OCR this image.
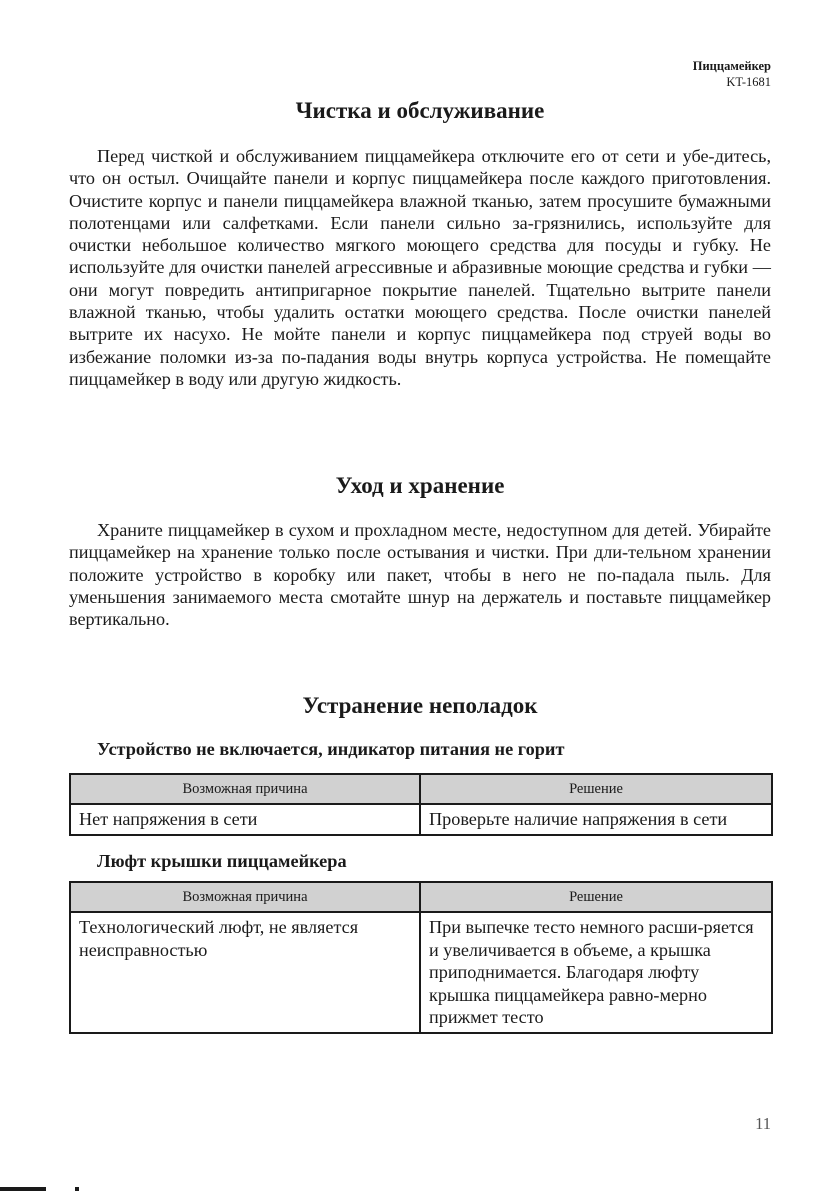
Пиццамейкер
KT-1681
Чистка и обслуживание

Перед чисткой и обслуживанием пиццамейкера отключите его от сети и убе-дитесь, что он остыл. Очищайте панели и корпус пиццамейкера после каждого приготовления. Очистите корпус и панели пиццамейкера влажной тканью, затем просушите бумажными полотенцами или салфетками. Если панели сильно за-грязнились, используйте для очистки небольшое количество мягкого моющего средства для посуды и губку. Не используйте для очистки панелей агрессивные и абразивные моющие средства и губки — они могут повредить антипригарное покрытие панелей. Тщательно вытрите панели влажной тканью, чтобы удалить остатки моющего средства. После очистки панелей вытрите их насухо. Не мойте панели и корпус пиццамейкера под струей воды во избежание поломки из-за по-падания воды внутрь корпуса устройства. Не помещайте пиццамейкер в воду или другую жидкость.

Уход и хранение

Храните пиццамейкер в сухом и прохладном месте, недоступном для детей. Убирайте пиццамейкер на хранение только после остывания и чистки. При дли-тельном хранении положите устройство в коробку или пакет, чтобы в него не по-падала пыль. Для уменьшения занимаемого места смотайте шнур на держатель и поставьте пиццамейкер вертикально.

Устранение неполадок
Устройство не включается, индикатор питания не горит
Возможная причина	Решение
Нет напряжения в сети	Проверьте наличие напряжения в сети
Люфт крышки пиццамейкера
Возможная причина	Решение
Технологический люфт, не является неисправностью	При выпечке тесто немного расши-ряется и увеличивается в объеме, а крышка приподнимается. Благодаря люфту крышка пиццамейкера равно-мерно прижмет тесто
11
